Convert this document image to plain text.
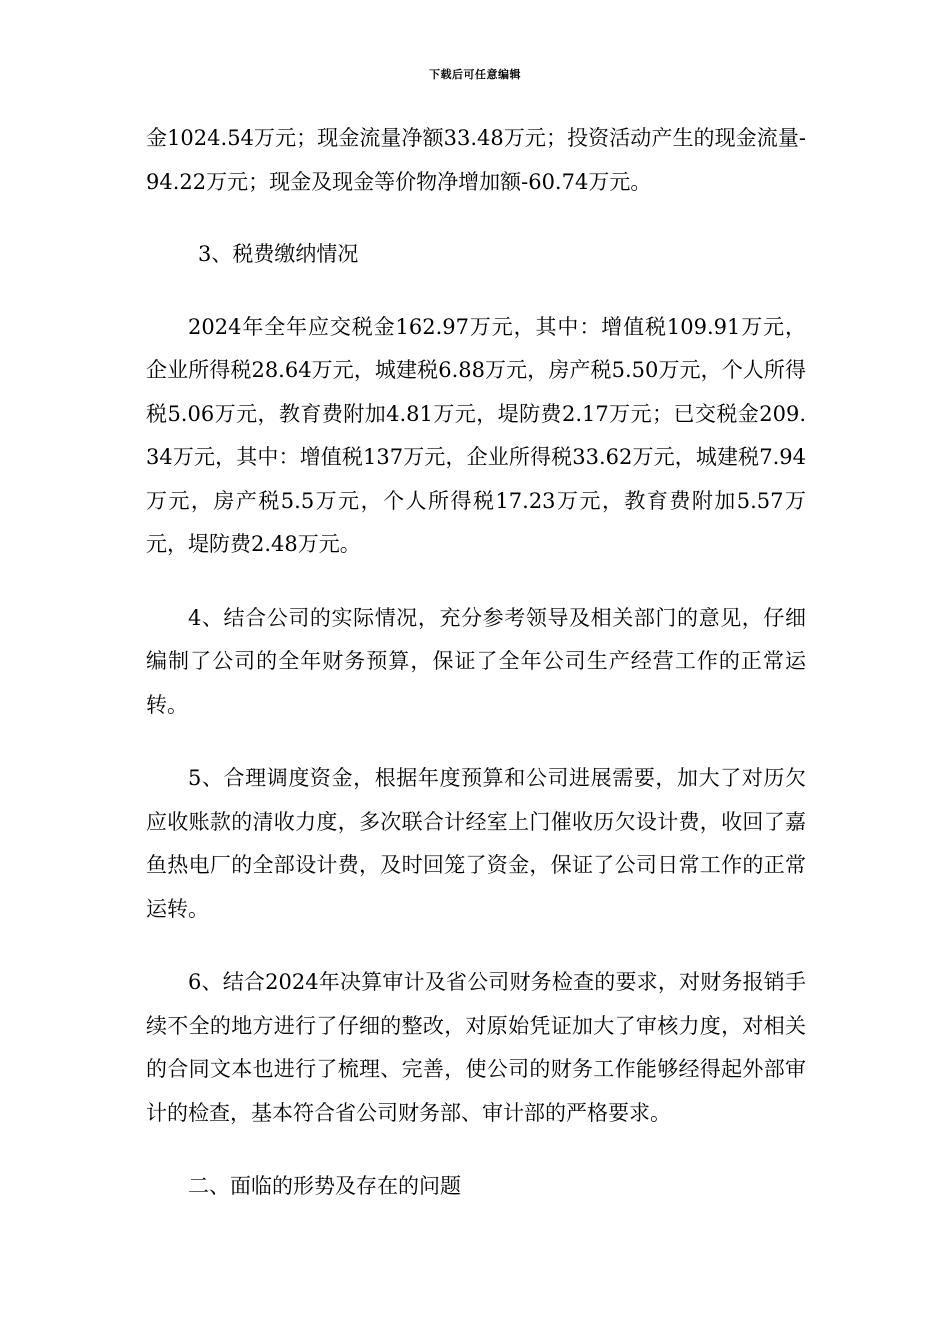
下载后可任意编辑

金1024.54万元；现金流量净额33.48万元；投资活动产生的现金流量-94.22万元；现金及现金等价物净增加额-60.74万元。

3、税费缴纳情况

2024年全年应交税金162.97万元，其中：增值税109.91万元，企业所得税28.64万元，城建税6.88万元，房产税5.50万元，个人所得税5.06万元，教育费附加4.81万元，堤防费2.17万元；已交税金209.34万元，其中：增值税137万元，企业所得税33.62万元，城建税7.94万元，房产税5.5万元，个人所得税17.23万元，教育费附加5.57万元，堤防费2.48万元。

4、结合公司的实际情况，充分参考领导及相关部门的意见，仔细编制了公司的全年财务预算，保证了全年公司生产经营工作的正常运转。

5、合理调度资金，根据年度预算和公司进展需要，加大了对历欠应收账款的清收力度，多次联合计经室上门催收历欠设计费，收回了嘉鱼热电厂的全部设计费，及时回笼了资金，保证了公司日常工作的正常运转。

6、结合2024年决算审计及省公司财务检查的要求，对财务报销手续不全的地方进行了仔细的整改，对原始凭证加大了审核力度，对相关的合同文本也进行了梳理、完善，使公司的财务工作能够经得起外部审计的检查，基本符合省公司财务部、审计部的严格要求。

二、面临的形势及存在的问题
